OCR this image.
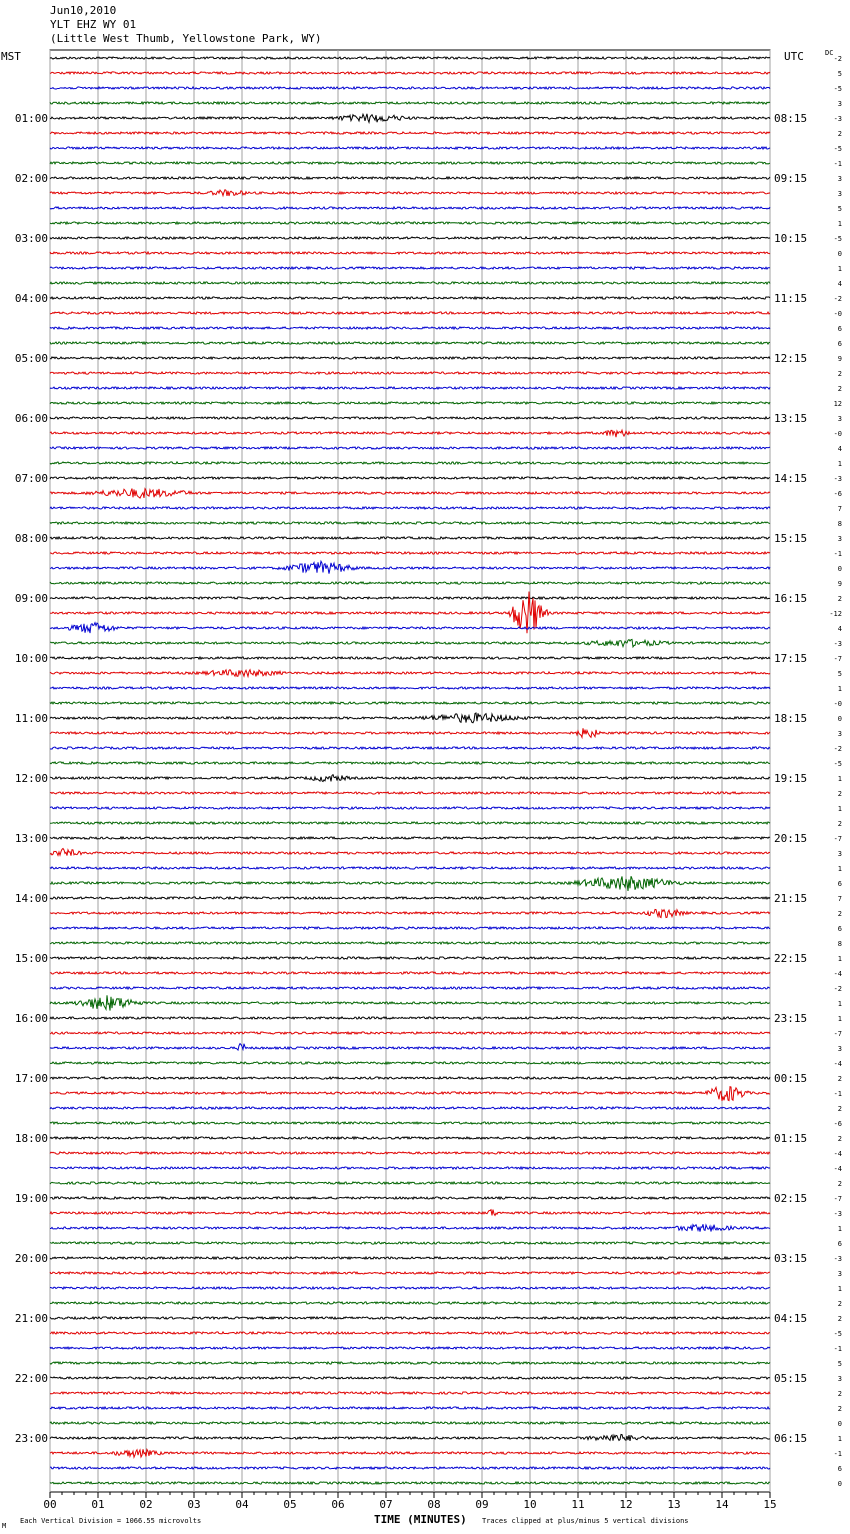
Jun10,2010
YLT EHZ WY 01
(Little West Thumb, Yellowstone Park, WY)
MST	UTC	DC
00	01	02	03	04	05	06	07	08	09	10	11	12	13	14	15
-2
5
-5
3
-3
2
-5
-1
3
3
5
1
-5
0
1
4
-2
-0
6
6
9
2
2
12
3
-0
4
1
-3
-6
7
8
3
-1
0
9
2
-12
4
-3
-7
5
1
-0
0
3
-2
-5
1
2
1
2
-7
3
1
6
7
2
6
8
1
-4
-2
1
1
-7
3
-4
2
-1
2
-6
2
-4
-4
2
-7
-3
1
6
-3
3
1
2
2
-5
-1
5
3
2
2
0
1
-1
6
0
01:00	08:15
02:00	09:15
03:00	10:15
04:00	11:15
05:00	12:15
06:00	13:15
07:00	14:15
08:00	15:15
09:00	16:15
10:00	17:15
11:00	18:15
12:00	19:15
13:00	20:15
14:00	21:15
15:00	22:15
16:00	23:15
17:00	00:15
18:00	01:15
19:00	02:15
20:00	03:15
21:00	04:15
22:00	05:15
23:00	06:15
TIME (MINUTES)
Each Vertical Division = 1066.55 microvolts	Traces clipped at plus/minus 5 vertical divisions
M
